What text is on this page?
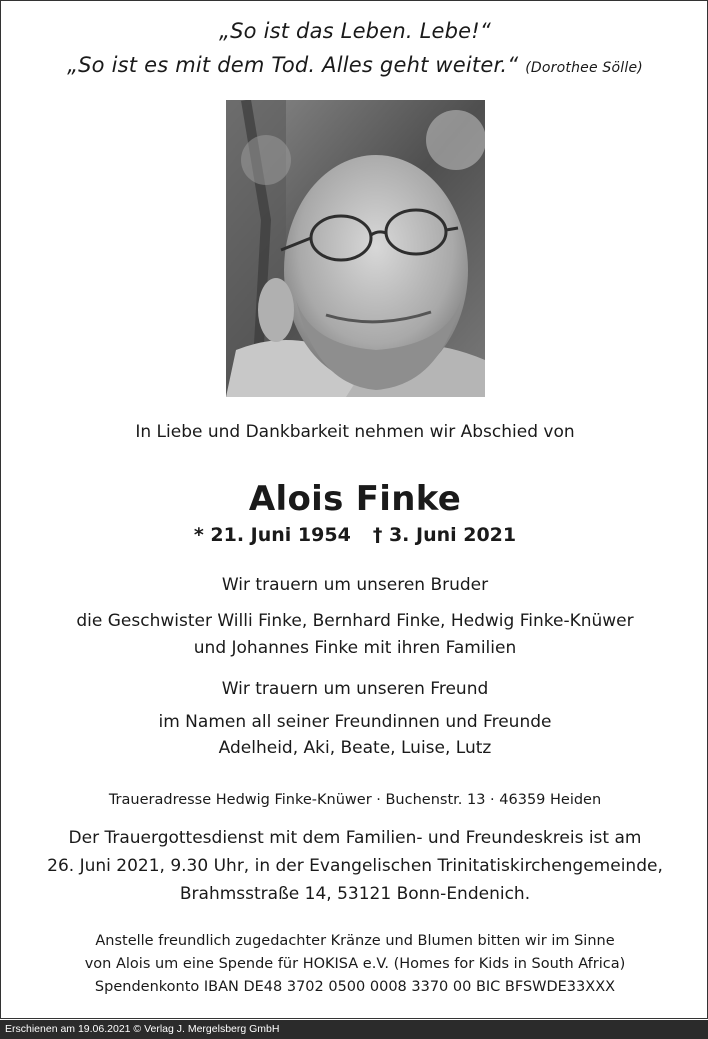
„So ist das Leben. Lebe!“
„So ist es mit dem Tod. Alles geht weiter.“ (Dorothee Sölle)
In Liebe und Dankbarkeit nehmen wir Abschied von
Alois Finke
* 21. Juni 1954 † 3. Juni 2021
Wir trauern um unseren Bruder
die Geschwister Willi Finke, Bernhard Finke, Hedwig Finke-Knüwer
und Johannes Finke mit ihren Familien
Wir trauern um unseren Freund
im Namen all seiner Freundinnen und Freunde
Adelheid, Aki, Beate, Luise, Lutz
Traueradresse Hedwig Finke-Knüwer · Buchenstr. 13 · 46359 Heiden
Der Trauergottesdienst mit dem Familien- und Freundeskreis ist am
26. Juni 2021, 9.30 Uhr, in der Evangelischen Trinitatiskirchengemeinde,
Brahmsstraße 14, 53121 Bonn-Endenich.
Anstelle freundlich zugedachter Kränze und Blumen bitten wir im Sinne
von Alois um eine Spende für HOKISA e.V. (Homes for Kids in South Africa)
Spendenkonto IBAN DE48 3702 0500 0008 3370 00 BIC BFSWDE33XXX
Erschienen am 19.06.2021 © Verlag J. Mergelsberg GmbH
